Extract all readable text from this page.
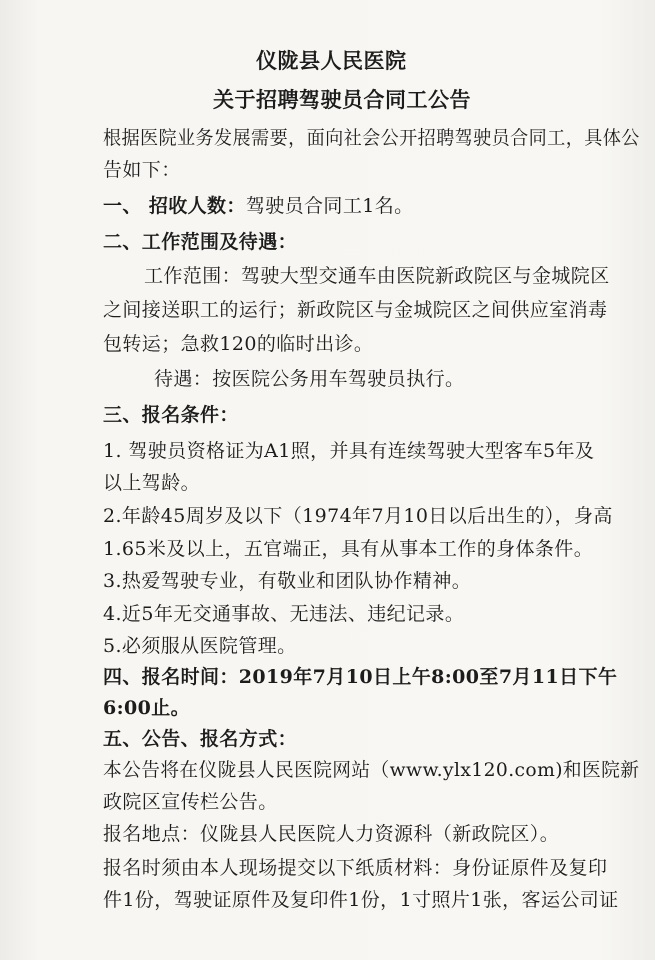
仪陇县人民医院
关于招聘驾驶员合同工公告
根据医院业务发展需要，面向社会公开招聘驾驶员合同工，具体公
告如下：
一、 招收人数：驾驶员合同工1名。
二、工作范围及待遇：
工作范围：驾驶大型交通车由医院新政院区与金城院区
之间接送职工的运行；新政院区与金城院区之间供应室消毒
包转运；急救120的临时出诊。
待遇：按医院公务用车驾驶员执行。
三、报名条件：
1. 驾驶员资格证为A1照，并具有连续驾驶大型客车5年及
以上驾龄。
2.年龄45周岁及以下（1974年7月10日以后出生的），身高
1.65米及以上，五官端正，具有从事本工作的身体条件。
3.热爱驾驶专业，有敬业和团队协作精神。
4.近5年无交通事故、无违法、违纪记录。
5.必须服从医院管理。
四、报名时间：2019年7月10日上午8:00至7月11日下午
6:00止。
五、公告、报名方式：
本公告将在仪陇县人民医院网站（www.ylx120.com)和医院新
政院区宣传栏公告。
报名地点：仪陇县人民医院人力资源科（新政院区）。
报名时须由本人现场提交以下纸质材料：身份证原件及复印
件1份，驾驶证原件及复印件1份，1寸照片1张，客运公司证
